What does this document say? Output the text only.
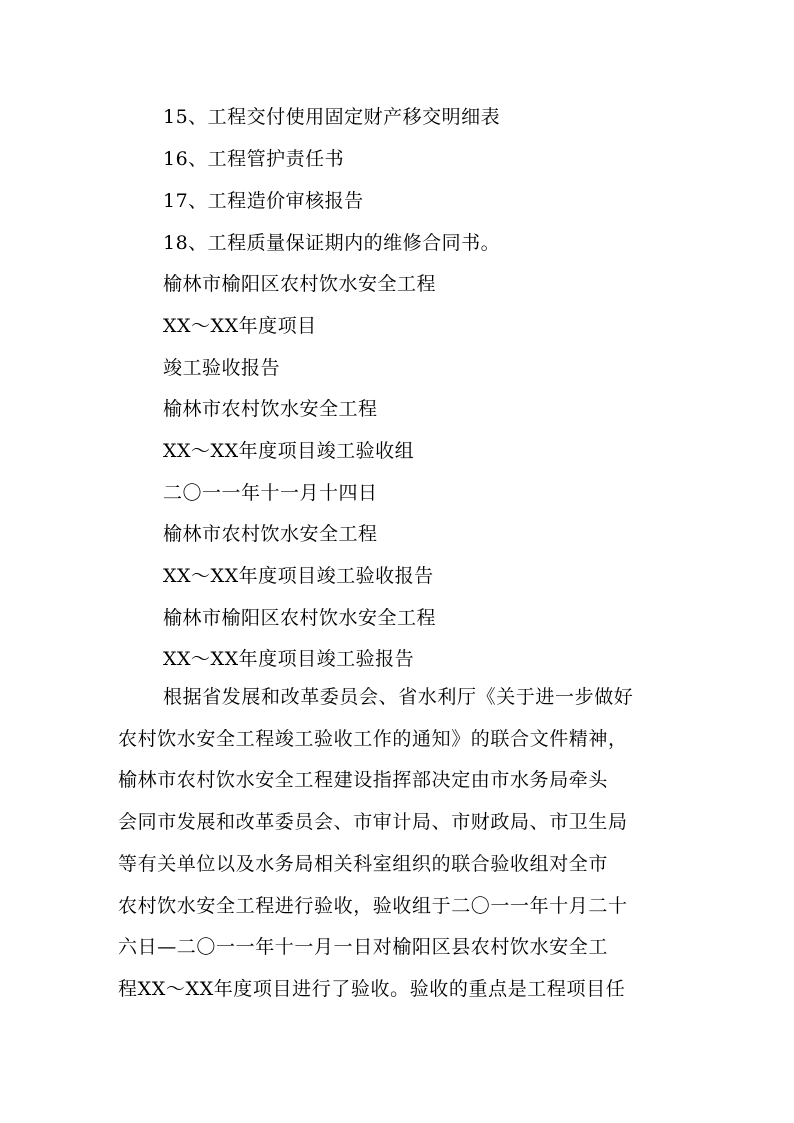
15、工程交付使用固定财产移交明细表
16、工程管护责任书
17、工程造价审核报告
18、工程质量保证期内的维修合同书。
榆林市榆阳区农村饮水安全工程
XX～XX年度项目
竣工验收报告
榆林市农村饮水安全工程
XX～XX年度项目竣工验收组
二〇一一年十一月十四日
榆林市农村饮水安全工程
XX～XX年度项目竣工验收报告
榆林市榆阳区农村饮水安全工程
XX～XX年度项目竣工验报告

根据省发展和改革委员会、省水利厅《关于进一步做好

农村饮水安全工程竣工验收工作的通知》的联合文件精神，

榆林市农村饮水安全工程建设指挥部决定由市水务局牵头

会同市发展和改革委员会、市审计局、市财政局、市卫生局

等有关单位以及水务局相关科室组织的联合验收组对全市

农村饮水安全工程进行验收，验收组于二〇一一年十月二十

六日—二〇一一年十一月一日对榆阳区县农村饮水安全工

程XX～XX年度项目进行了验收。验收的重点是工程项目任
